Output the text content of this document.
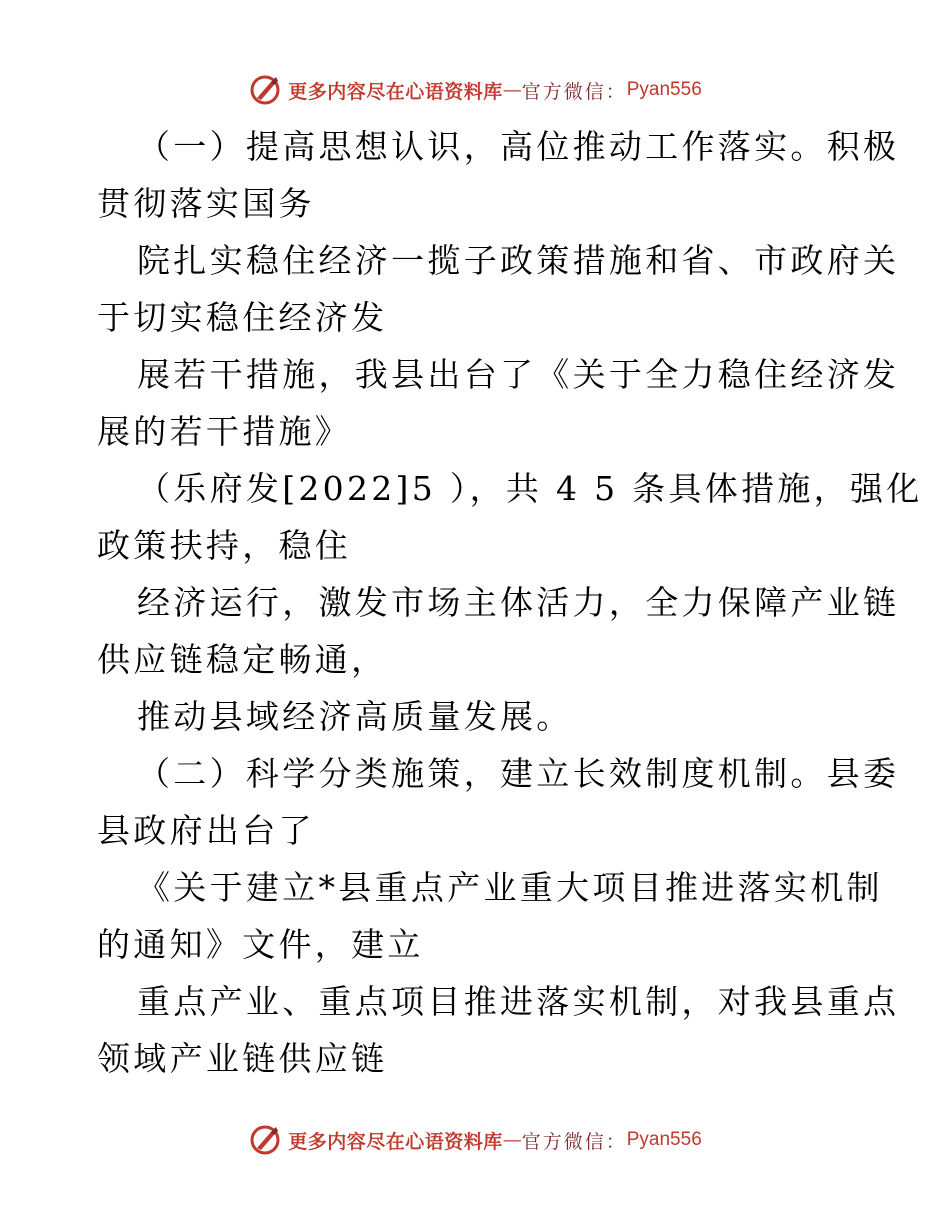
更多内容尽在心语资料库 — 官方微信： Pyan556

（一）提高思想认识，高位推动工作落实。积极
贯彻落实国务

院扎实稳住经济一揽子政策措施和省、市政府关
于切实稳住经济发

展若干措施，我县出台了《关于全力稳住经济发
展的若干措施》

（乐府发[2022]5 ），共 4 5 条具体措施，强化
政策扶持，稳住

经济运行，激发市场主体活力，全力保障产业链
供应链稳定畅通，

推动县域经济高质量发展。

（二）科学分类施策，建立长效制度机制。县委
县政府出台了

《关于建立*县重点产业重大项目推进落实机制
的通知》文件，建立

重点产业、重点项目推进落实机制，对我县重点
领域产业链供应链

更多内容尽在心语资料库 — 官方微信： Pyan556
